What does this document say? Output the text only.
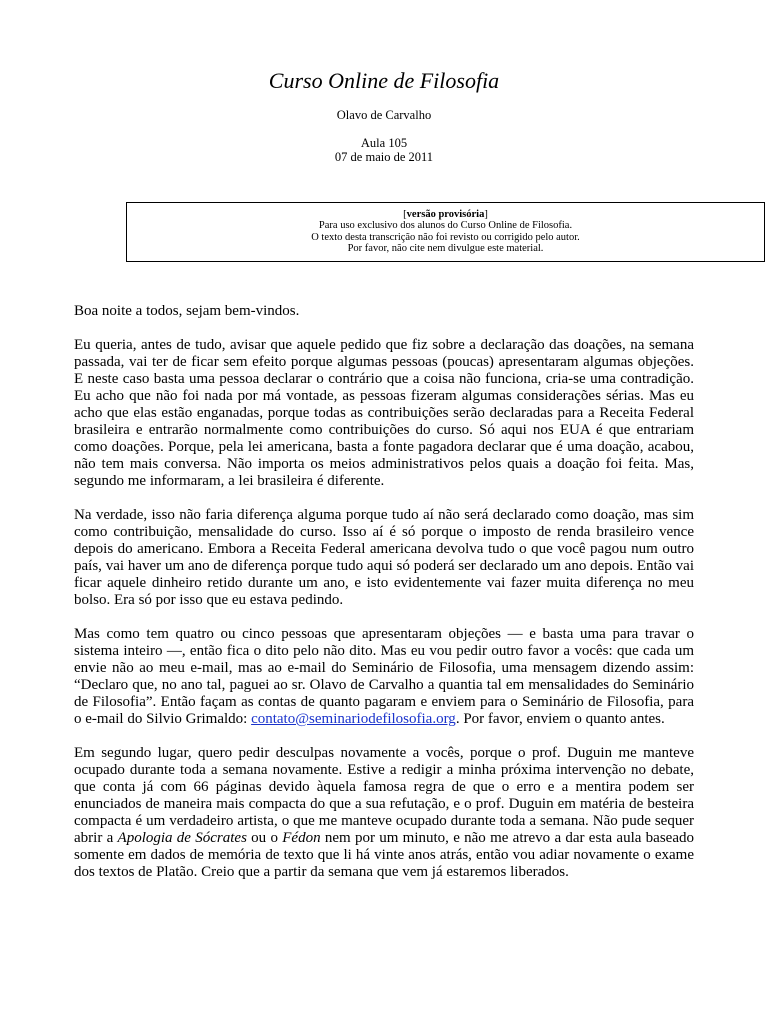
Curso Online de Filosofia
Olavo de Carvalho
Aula 105
07 de maio de 2011
[versão provisória]
Para uso exclusivo dos alunos do Curso Online de Filosofia.
O texto desta transcrição não foi revisto ou corrigido pelo autor.
Por favor, não cite nem divulgue este material.

Boa noite a todos, sejam bem-vindos.

Eu queria, antes de tudo, avisar que aquele pedido que fiz sobre a declaração das doações, na semana passada, vai ter de ficar sem efeito porque algumas pessoas (poucas) apresentaram algumas objeções. E neste caso basta uma pessoa declarar o contrário que a coisa não funciona, cria-se uma contradição. Eu acho que não foi nada por má vontade, as pessoas fizeram algumas considerações sérias. Mas eu acho que elas estão enganadas, porque todas as contribuições serão declaradas para a Receita Federal brasileira e entrarão normalmente como contribuições do curso. Só aqui nos EUA é que entrariam como doações. Porque, pela lei americana, basta a fonte pagadora declarar que é uma doação, acabou, não tem mais conversa. Não importa os meios administrativos pelos quais a doação foi feita. Mas, segundo me informaram, a lei brasileira é diferente.

Na verdade, isso não faria diferença alguma porque tudo aí não será declarado como doação, mas sim como contribuição, mensalidade do curso. Isso aí é só porque o imposto de renda brasileiro vence depois do americano. Embora a Receita Federal americana devolva tudo o que você pagou num outro país, vai haver um ano de diferença porque tudo aqui só poderá ser declarado um ano depois. Então vai ficar aquele dinheiro retido durante um ano, e isto evidentemente vai fazer muita diferença no meu bolso. Era só por isso que eu estava pedindo.

Mas como tem quatro ou cinco pessoas que apresentaram objeções — e basta uma para travar o sistema inteiro —, então fica o dito pelo não dito. Mas eu vou pedir outro favor a vocês: que cada um envie não ao meu e-mail, mas ao e-mail do Seminário de Filosofia, uma mensagem dizendo assim: “Declaro que, no ano tal, paguei ao sr. Olavo de Carvalho a quantia tal em mensalidades do Seminário de Filosofia”. Então façam as contas de quanto pagaram e enviem para o Seminário de Filosofia, para o e-mail do Silvio Grimaldo: contato@seminariodefilosofia.org. Por favor, enviem o quanto antes.

Em segundo lugar, quero pedir desculpas novamente a vocês, porque o prof. Duguin me manteve ocupado durante toda a semana novamente. Estive a redigir a minha próxima intervenção no debate, que conta já com 66 páginas devido àquela famosa regra de que o erro e a mentira podem ser enunciados de maneira mais compacta do que a sua refutação, e o prof. Duguin em matéria de besteira compacta é um verdadeiro artista, o que me manteve ocupado durante toda a semana. Não pude sequer abrir a Apologia de Sócrates ou o Fédon nem por um minuto, e não me atrevo a dar esta aula baseado somente em dados de memória de texto que li há vinte anos atrás, então vou adiar novamente o exame dos textos de Platão. Creio que a partir da semana que vem já estaremos liberados.
